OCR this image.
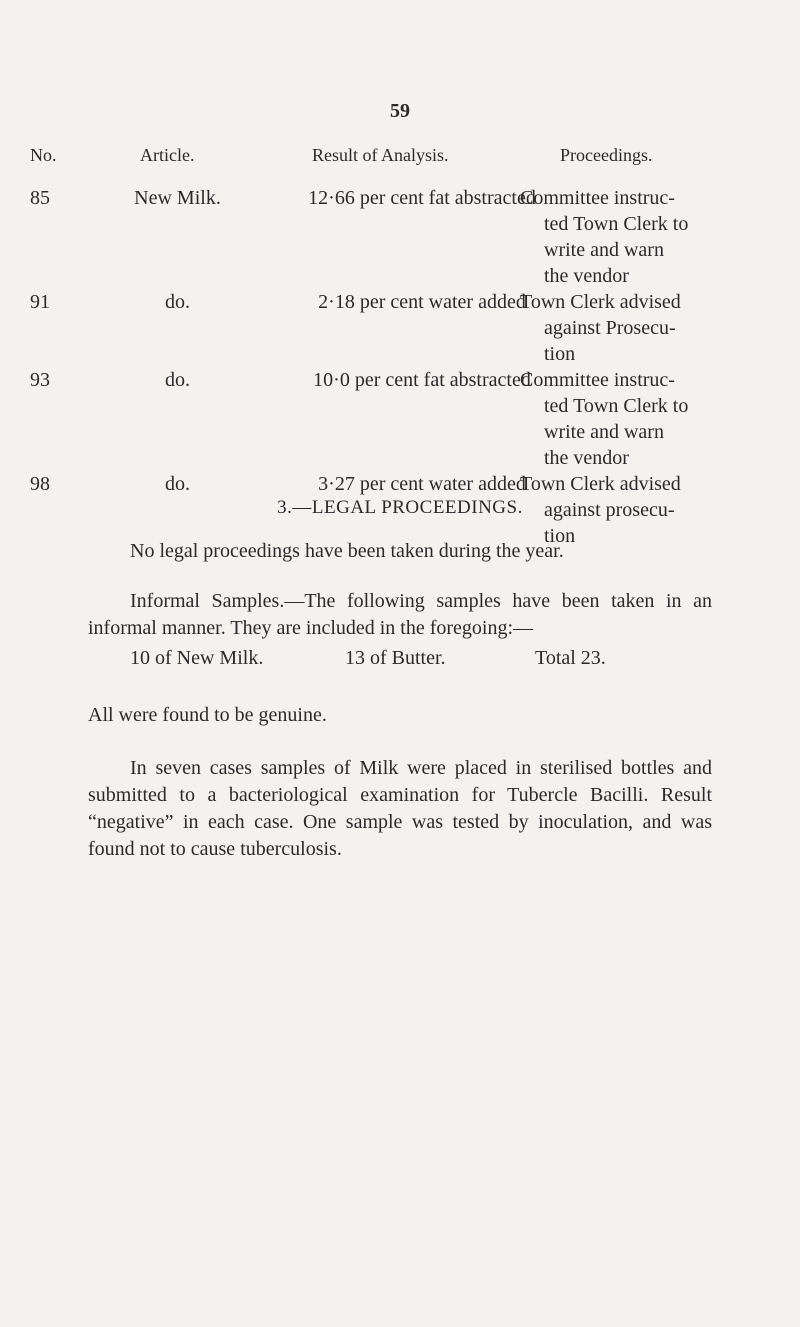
59
No.	Article.	Result of Analysis.	Proceedings.
85	New Milk.	12·66 per cent fat abstracted
Committee instruc-
ted Town Clerk to
write and warn
the vendor
91	do.	2·18 per cent water added
Town Clerk advised
against Prosecu-
tion
93	do.	10·0 per cent fat abstracted
Committee instruc-
ted Town Clerk to
write and warn
the vendor
98	do.	3·27 per cent water added
Town Clerk advised
against prosecu-
tion
3.—LEGAL PROCEEDINGS.
No legal proceedings have been taken during the year.
Informal Samples.—The following samples have been taken in an informal manner. They are included in the foregoing:—
10 of New Milk.	13 of Butter.	Total 23.
All were found to be genuine.
In seven cases samples of Milk were placed in sterilised bottles and submitted to a bacteriological examination for Tubercle Bacilli. Result “negative” in each case. One sample was tested by inoculation, and was found not to cause tuberculosis.
